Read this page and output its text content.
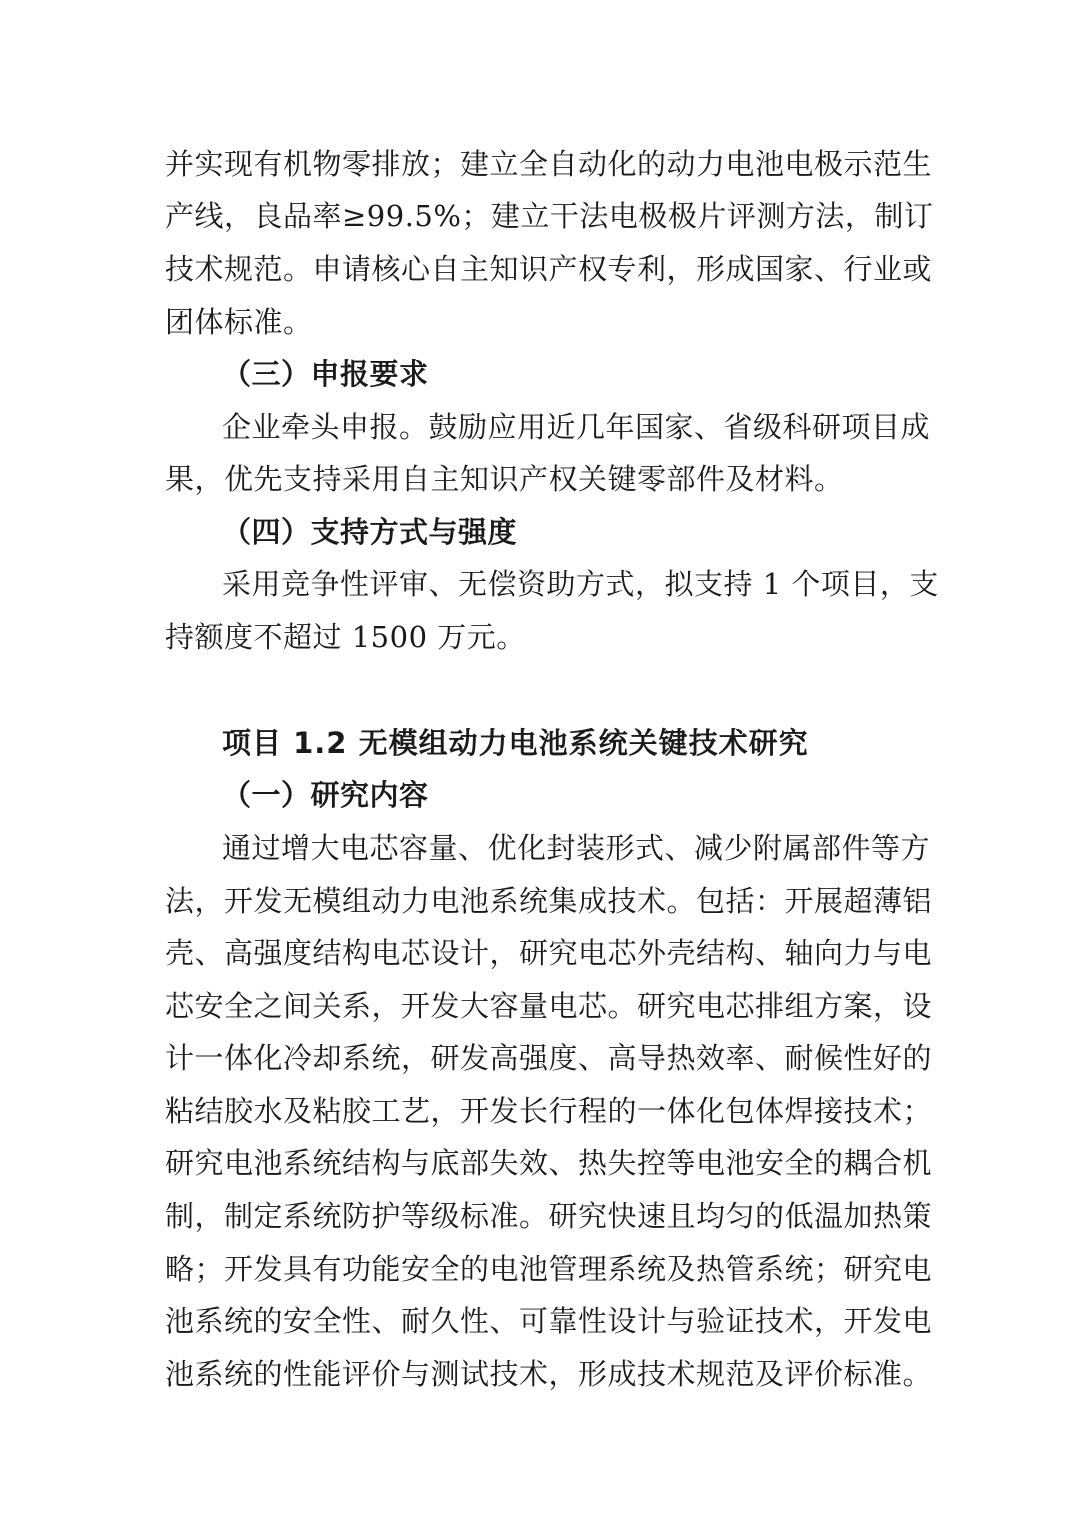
并实现有机物零排放；建立全自动化的动力电池电极示范生
产线，良品率≥99.5%；建立干法电极极片评测方法，制订
技术规范。申请核心自主知识产权专利，形成国家、行业或
团体标准。
（三）申报要求
企业牵头申报。鼓励应用近几年国家、省级科研项目成
果，优先支持采用自主知识产权关键零部件及材料。
（四）支持方式与强度
采用竞争性评审、无偿资助方式，拟支持 1 个项目，支
持额度不超过 1500 万元。
项目 1.2 无模组动力电池系统关键技术研究
（一）研究内容
通过增大电芯容量、优化封装形式、减少附属部件等方
法，开发无模组动力电池系统集成技术。包括：开展超薄铝
壳、高强度结构电芯设计，研究电芯外壳结构、轴向力与电
芯安全之间关系，开发大容量电芯。研究电芯排组方案，设
计一体化冷却系统，研发高强度、高导热效率、耐候性好的
粘结胶水及粘胶工艺，开发长行程的一体化包体焊接技术；
研究电池系统结构与底部失效、热失控等电池安全的耦合机
制，制定系统防护等级标准。研究快速且均匀的低温加热策
略；开发具有功能安全的电池管理系统及热管系统；研究电
池系统的安全性、耐久性、可靠性设计与验证技术，开发电
池系统的性能评价与测试技术，形成技术规范及评价标准。
